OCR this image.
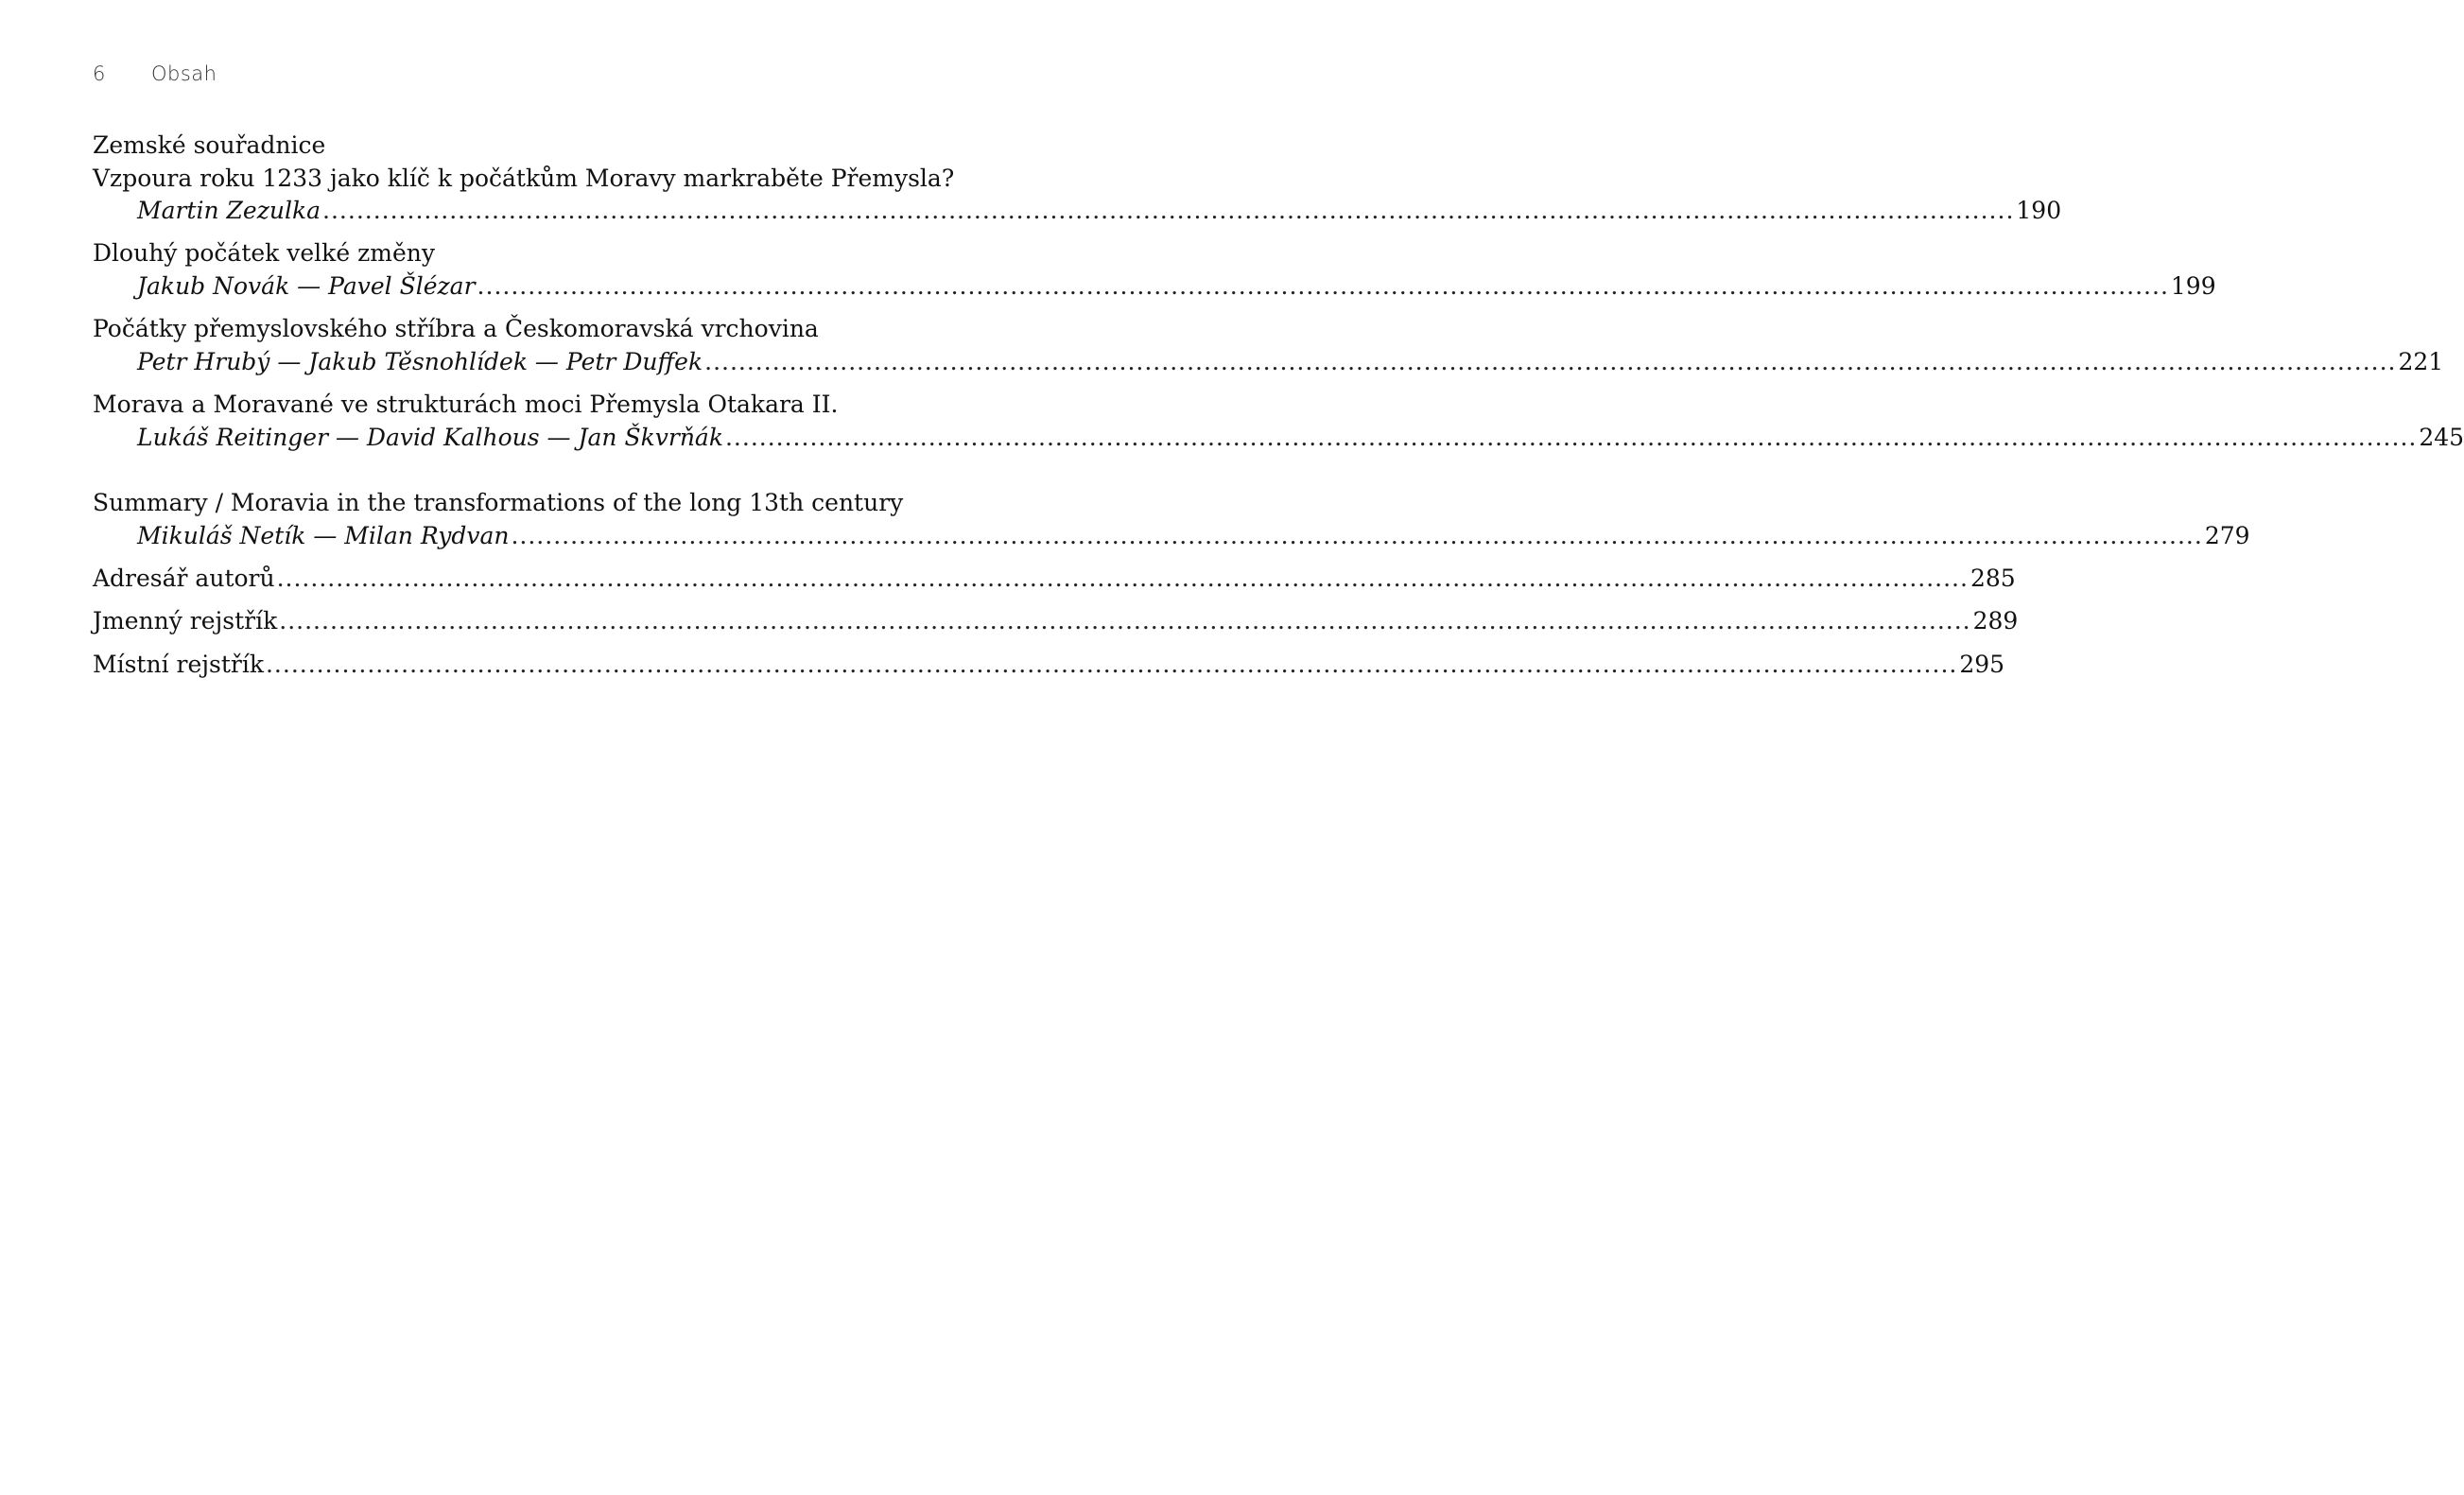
6 Obsah
Zemské souřadnice
Vzpoura roku 1233 jako klíč k počátkům Moravy markraběte Přemysla?
Martin Zezulka ........................................................................................................................................................................................................ 190
Dlouhý počátek velké změny
Jakub Novák — Pavel Šlézar ........................................................................................................................................................................................................ 199
Počátky přemyslovského stříbra a Českomoravská vrchovina
Petr Hrubý — Jakub Těsnohlídek — Petr Duffek ........................................................................................................................................................................................................ 221
Morava a Moravané ve strukturách moci Přemysla Otakara II.
Lukáš Reitinger — David Kalhous — Jan Škvrňák ........................................................................................................................................................................................................ 245
Summary / Moravia in the transformations of the long 13th century
Mikuláš Netík — Milan Rydvan ........................................................................................................................................................................................................ 279
Adresář autorů ........................................................................................................................................................................................................ 285
Jmenný rejstřík ........................................................................................................................................................................................................ 289
Místní rejstřík ........................................................................................................................................................................................................ 295
